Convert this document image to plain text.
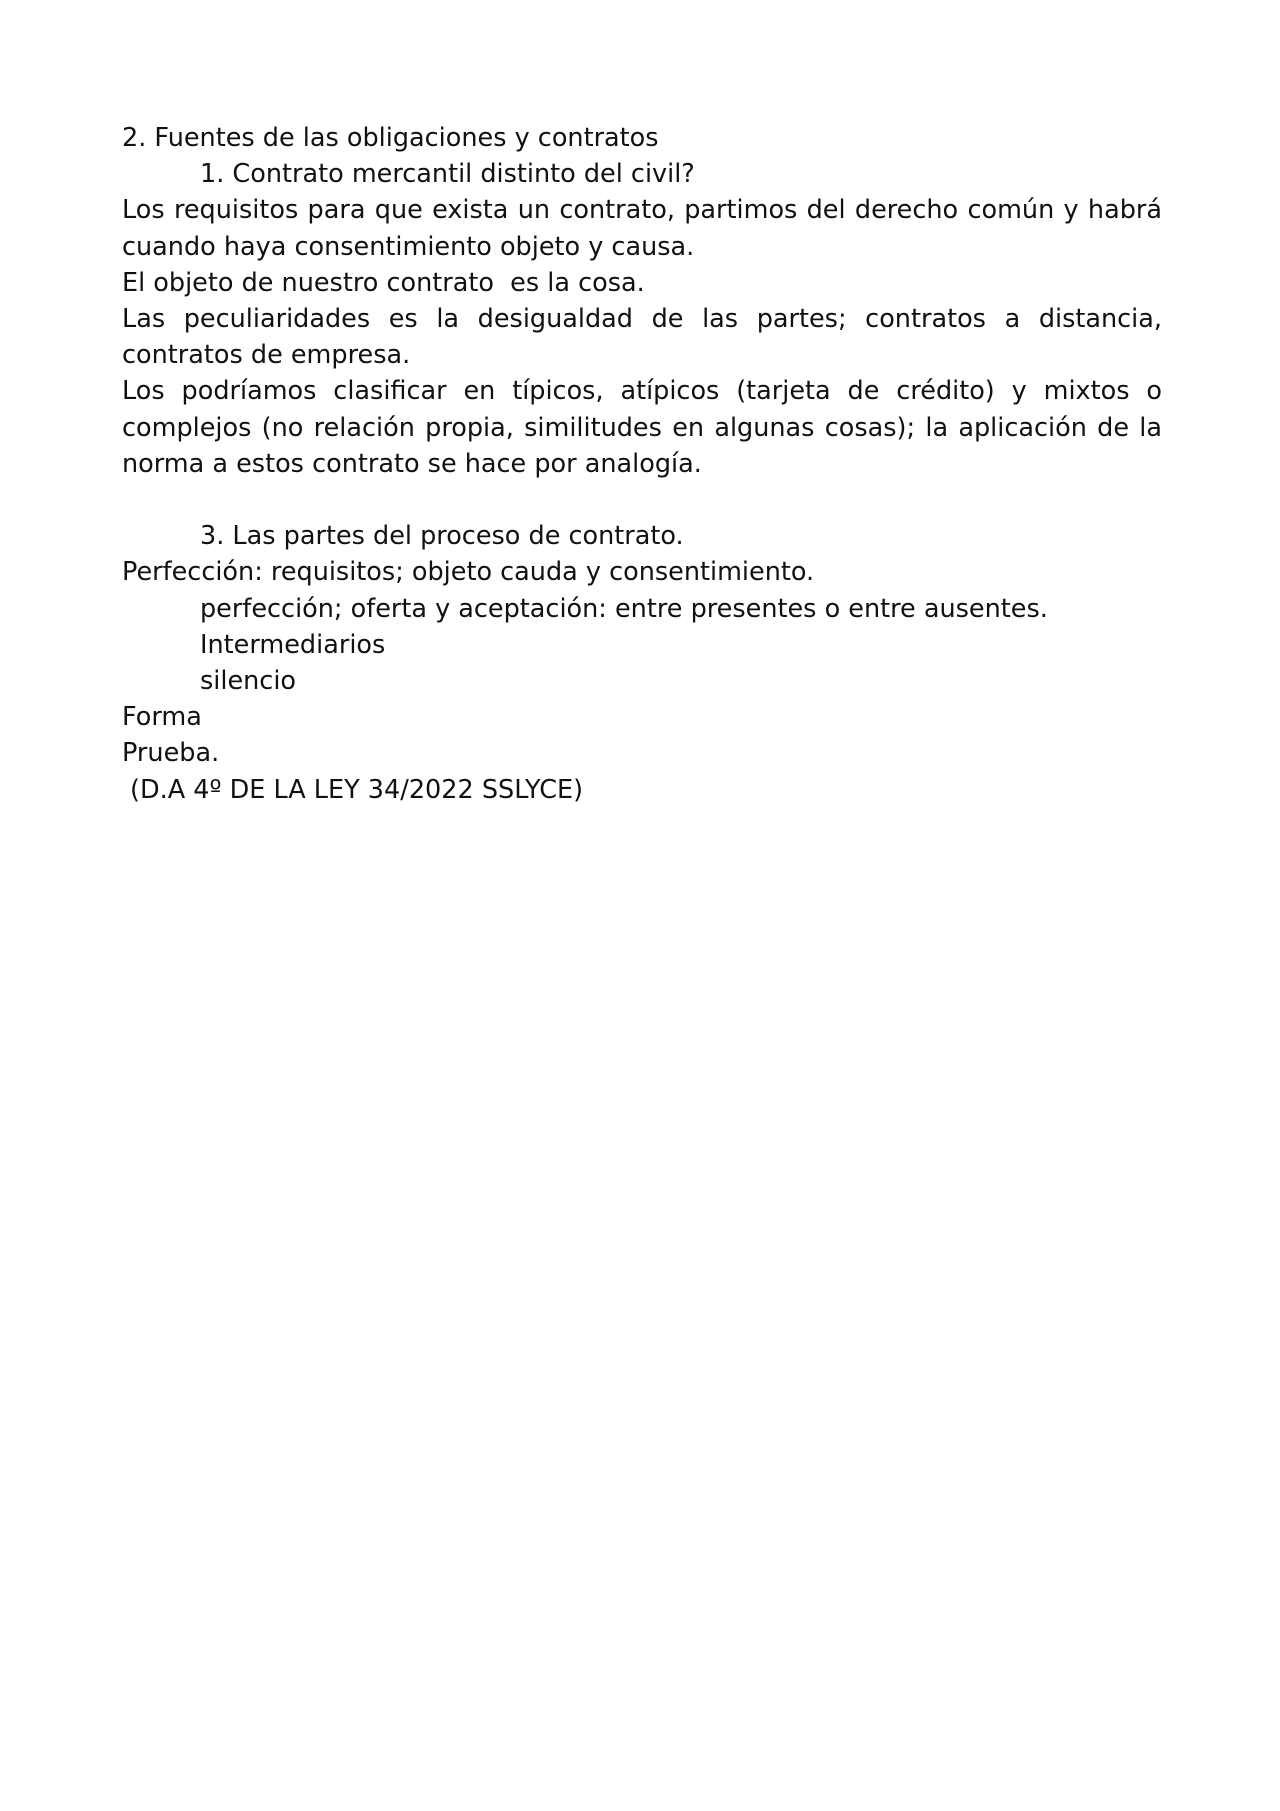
2. Fuentes de las obligaciones y contratos

1. Contrato mercantil distinto del civil?

Los requisitos para que exista un contrato, partimos del derecho común y habrá cuando haya consentimiento objeto y causa.

El objeto de nuestro contrato  es la cosa.

Las peculiaridades es la desigualdad de las partes; contratos a distancia, contratos de empresa.

Los podríamos clasificar en típicos, atípicos (tarjeta de crédito) y mixtos o complejos (no relación propia, similitudes en algunas cosas); la aplicación de la norma a estos contrato se hace por analogía.

3. Las partes del proceso de contrato.

Perfección: requisitos; objeto cauda y consentimiento.

perfección; oferta y aceptación: entre presentes o entre ausentes.

Intermediarios

silencio

Forma

Prueba.

(D.A 4º DE LA LEY 34/2022 SSLYCE)
